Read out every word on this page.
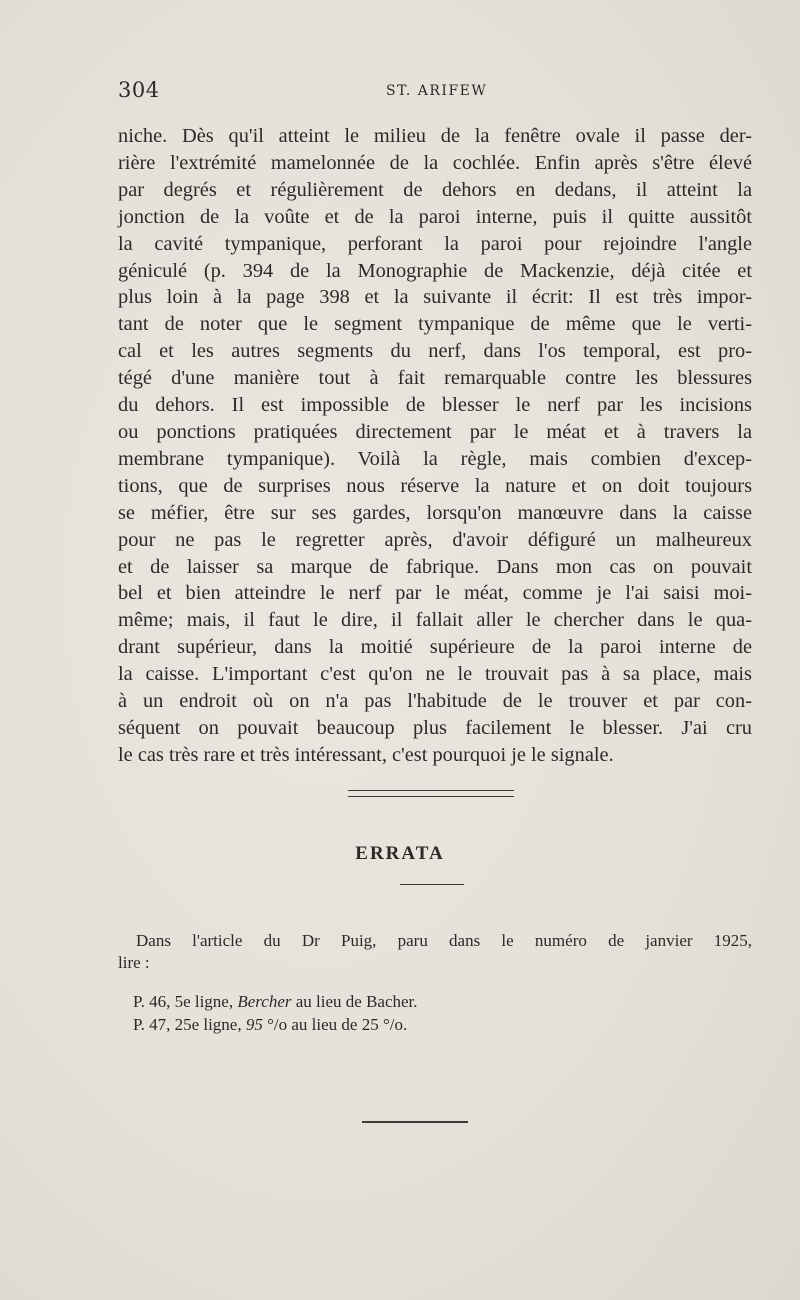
304	ST. ARIFEW
niche. Dès qu'il atteint le milieu de la fenêtre ovale il passe der-
rière l'extrémité mamelonnée de la cochlée. Enfin après s'être élevé
par degrés et régulièrement de dehors en dedans, il atteint la
jonction de la voûte et de la paroi interne, puis il quitte aussitôt
la cavité tympanique, perforant la paroi pour rejoindre l'angle
géniculé (p. 394 de la Monographie de Mackenzie, déjà citée et
plus loin à la page 398 et la suivante il écrit: Il est très impor-
tant de noter que le segment tympanique de même que le verti-
cal et les autres segments du nerf, dans l'os temporal, est pro-
tégé d'une manière tout à fait remarquable contre les blessures
du dehors. Il est impossible de blesser le nerf par les incisions
ou ponctions pratiquées directement par le méat et à travers la
membrane tympanique). Voilà la règle, mais combien d'excep-
tions, que de surprises nous réserve la nature et on doit toujours
se méfier, être sur ses gardes, lorsqu'on manœuvre dans la caisse
pour ne pas le regretter après, d'avoir défiguré un malheureux
et de laisser sa marque de fabrique. Dans mon cas on pouvait
bel et bien atteindre le nerf par le méat, comme je l'ai saisi moi-
même; mais, il faut le dire, il fallait aller le chercher dans le qua-
drant supérieur, dans la moitié supérieure de la paroi interne de
la caisse. L'important c'est qu'on ne le trouvait pas à sa place, mais
à un endroit où on n'a pas l'habitude de le trouver et par con-
séquent on pouvait beaucoup plus facilement le blesser. J'ai cru
le cas très rare et très intéressant, c'est pourquoi je le signale.
ERRATA
Dans l'article du Dr Puig, paru dans le numéro de janvier 1925,
lire :
P. 46, 5e ligne, Bercher au lieu de Bacher.
P. 47, 25e ligne, 95 °/o au lieu de 25 °/o.
